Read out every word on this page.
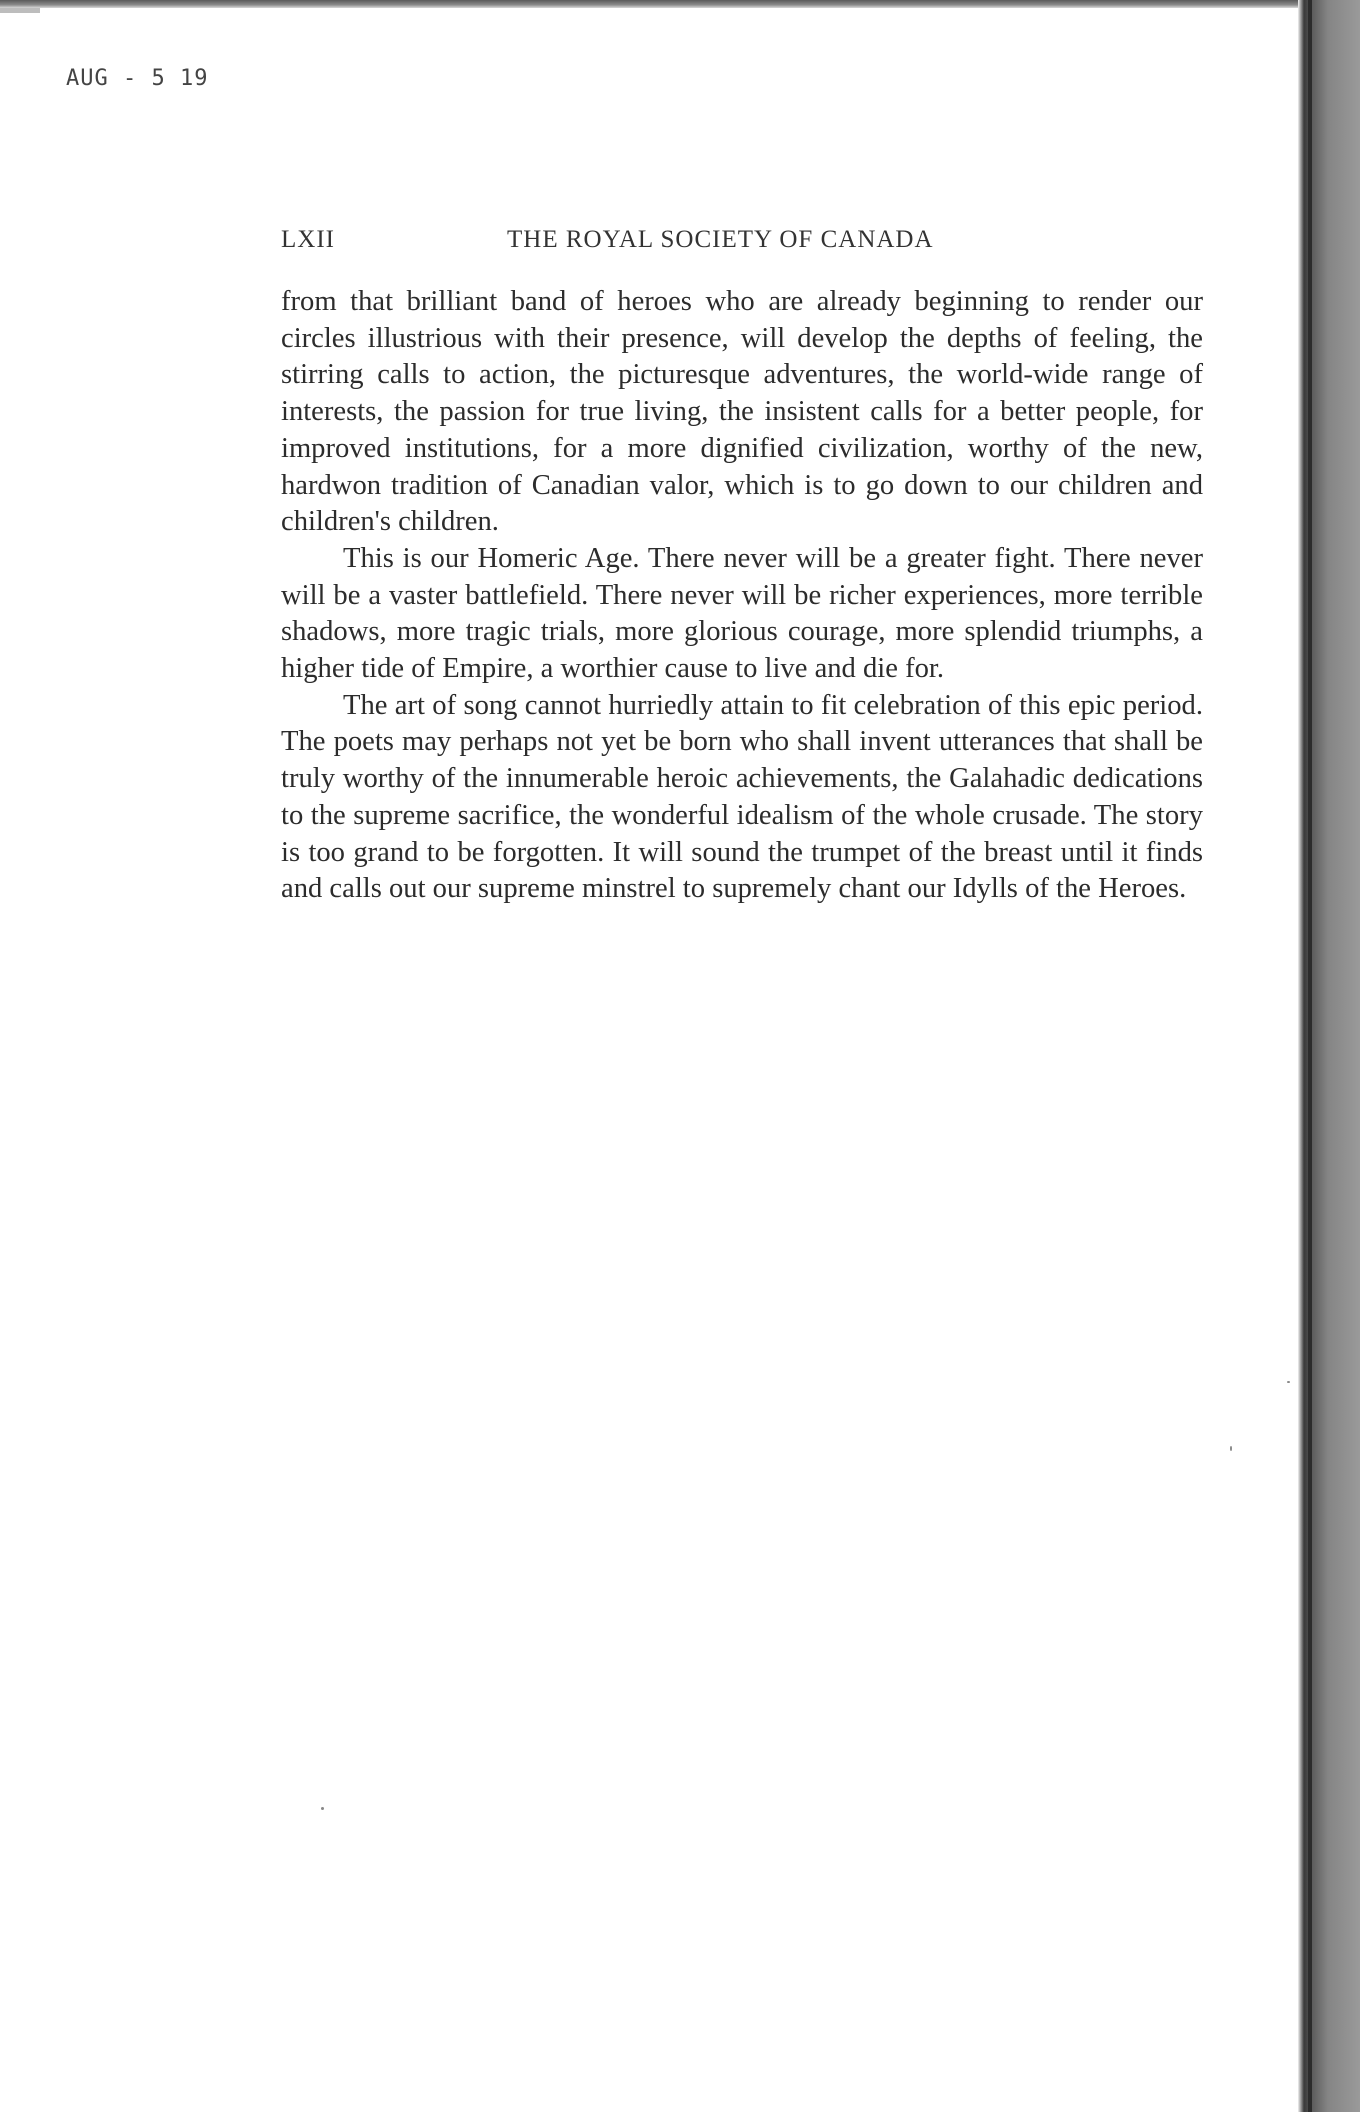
AUG - 5 19
LXII	THE ROYAL SOCIETY OF CANADA

from that brilliant band of heroes who are already beginning to render our circles illustrious with their presence, will develop the depths of feeling, the stirring calls to action, the picturesque adventures, the world-wide range of interests, the passion for true living, the insistent calls for a better people, for improved institutions, for a more dignified civilization, worthy of the new, hardwon tradition of Canadian valor, which is to go down to our children and children's children.

This is our Homeric Age. There never will be a greater fight. There never will be a vaster battlefield. There never will be richer experiences, more terrible shadows, more tragic trials, more glorious courage, more splendid triumphs, a higher tide of Empire, a worthier cause to live and die for.

The art of song cannot hurriedly attain to fit celebration of this epic period. The poets may perhaps not yet be born who shall invent utterances that shall be truly worthy of the innumerable heroic achievements, the Galahadic dedications to the supreme sacrifice, the wonderful idealism of the whole crusade. The story is too grand to be forgotten. It will sound the trumpet of the breast until it finds and calls out our supreme minstrel to supremely chant our Idylls of the Heroes.
